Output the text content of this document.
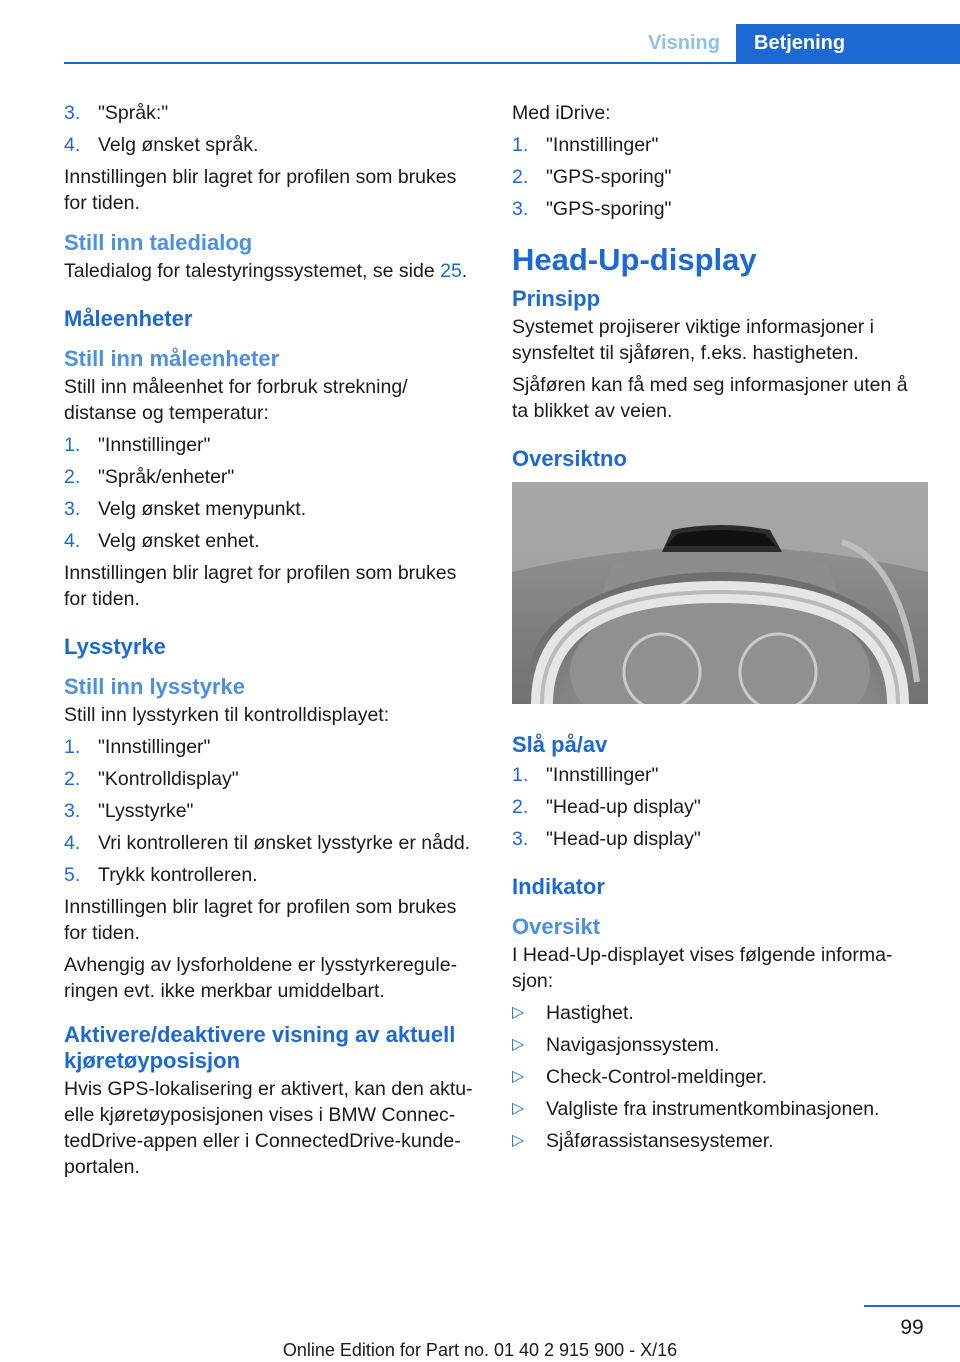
Visning	Betjening
3. "Språk:"
4. Velg ønsket språk.

Innstillingen blir lagret for profilen som brukes for tiden.

Still inn taledialog

Taledialog for talestyringssystemet, se side 25.

Måleenheter
Still inn måleenheter

Still inn måleenhet for forbruk strekning/ distanse og temperatur:

1. "Innstillinger"
2. "Språk/enheter"
3. Velg ønsket menypunkt.
4. Velg ønsket enhet.

Innstillingen blir lagret for profilen som brukes for tiden.

Lysstyrke
Still inn lysstyrke

Still inn lysstyrken til kontrolldisplayet:

1. "Innstillinger"
2. "Kontrolldisplay"
3. "Lysstyrke"
4. Vri kontrolleren til ønsket lysstyrke er nådd.
5. Trykk kontrolleren.

Innstillingen blir lagret for profilen som brukes for tiden.

Avhengig av lysforholdene er lysstyrkeregule‐ ringen evt. ikke merkbar umiddelbart.

Aktivere/deaktivere visning av aktuell kjøretøyposisjon

Hvis GPS-lokalisering er aktivert, kan den aktu‐ elle kjøretøyposisjonen vises i BMW Connec‐ tedDrive-appen eller i ConnectedDrive-kunde‐ portalen.

Med iDrive:

1. "Innstillinger"
2. "GPS-sporing"
3. "GPS-sporing"
Head-Up-display
Prinsipp

Systemet projiserer viktige informasjoner i synsfeltet til sjåføren, f.eks. hastigheten.

Sjåføren kan få med seg informasjoner uten å ta blikket av veien.

Oversiktno
Slå på/av
1. "Innstillinger"
2. "Head-up display"
3. "Head-up display"
Indikator
Oversikt

I Head-Up-displayet vises følgende informa‐ sjon:

▷ Hastighet.
▷ Navigasjonssystem.
▷ Check-Control-meldinger.
▷ Valgliste fra instrumentkombinasjonen.
▷ Sjåførassistansesystemer.
99
Online Edition for Part no. 01 40 2 915 900 - X/16
